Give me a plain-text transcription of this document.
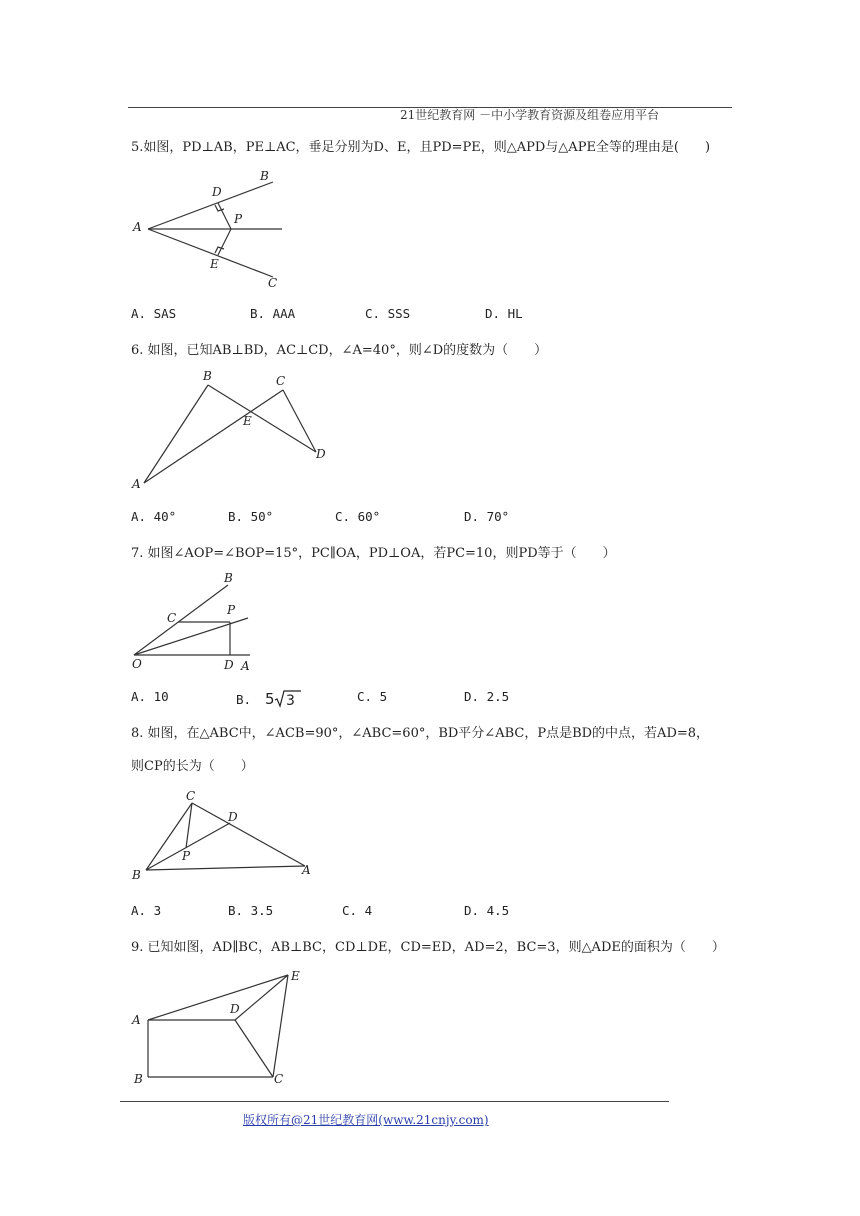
21世纪教育网 －中小学教育资源及组卷应用平台
5.如图，PD⊥AB，PE⊥AC，垂足分别为D、E，且PD=PE，则△APD与△APE全等的理由是(　　)
A
B
C
D
E
P
A. SAS	B. AAA	C. SSS	D. HL
6. 如图，已知AB⊥BD，AC⊥CD，∠A=40°，则∠D的度数为（　　）
A
B	C
D
E
A. 40°	B. 50°	C. 60°	D. 70°
7. 如图∠AOP=∠BOP=15°，PC∥OA，PD⊥OA，若PC=10，则PD等于（　　）
O	A
B
C
D
P
A. 10	B. 5 3	C. 5	D. 2.5
8. 如图，在△ABC中，∠ACB=90°，∠ABC=60°，BD平分∠ABC，P点是BD的中点，若AD=8，
则CP的长为（　　）
A
B
C
D
P
A. 3	B. 3.5	C. 4	D. 4.5
9. 已知如图，AD∥BC，AB⊥BC，CD⊥DE，CD=ED，AD=2，BC=3，则△ADE的面积为（　　）
A
B	C
D
E
版权所有@21世纪教育网(www.21cnjy.com)
